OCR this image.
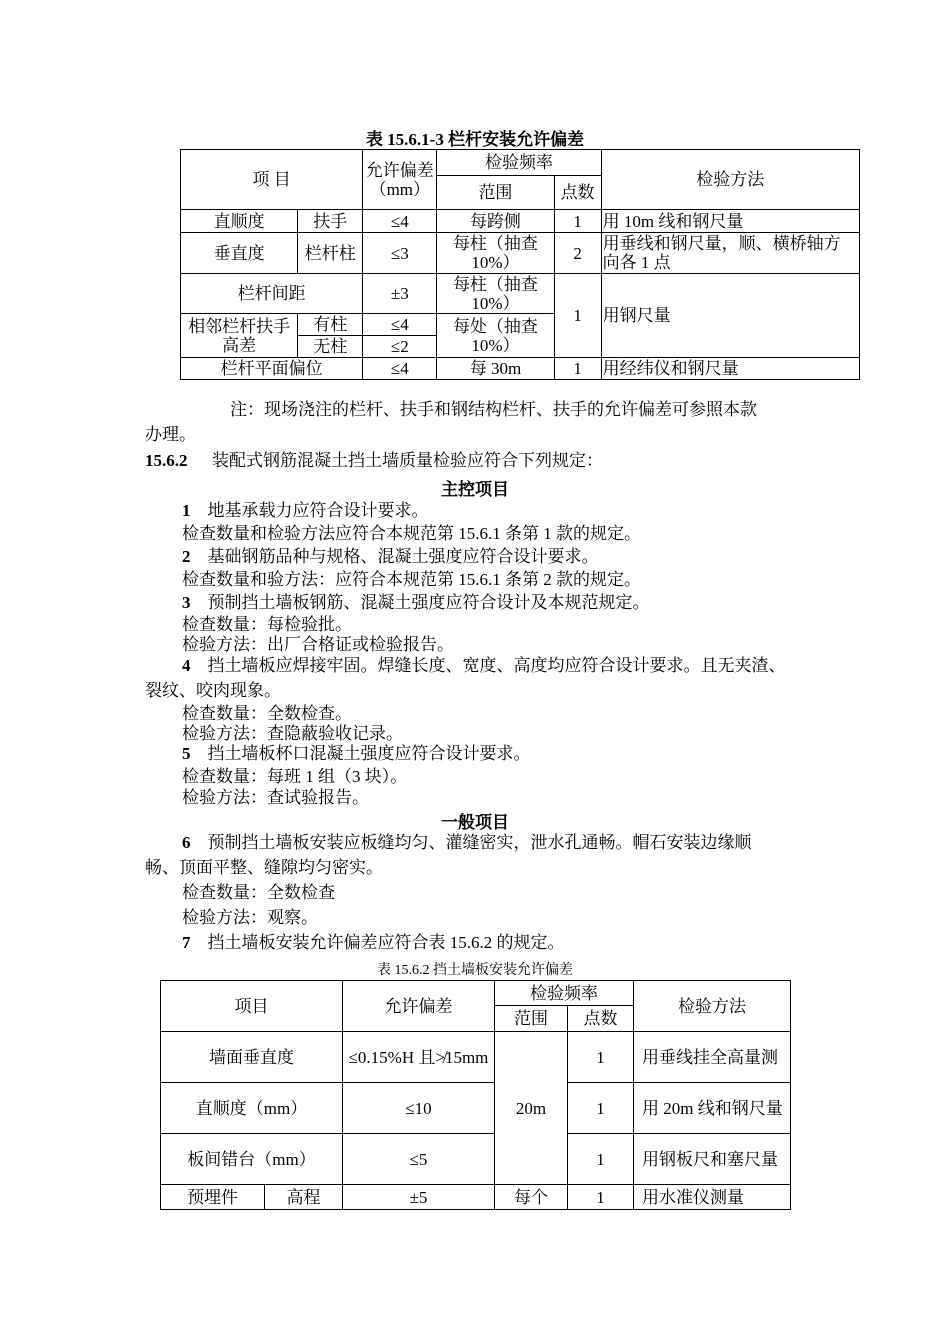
表 15.6.1-3 栏杆安装允许偏差
项 目		允许偏差（mm）	检验频率		检验方法
			范围	点数	
直顺度	扶手	≤4	每跨侧	1	用 10m 线和钢尺量
垂直度	栏杆柱	≤3	每柱（抽查10%）	2	用垂线和钢尺量，顺、横桥轴方向各 1 点
栏杆间距		±3	每柱（抽查10%）	1	用钢尺量
相邻栏杆扶手高差	有柱	≤4	每处（抽查10%）		
	无柱	≤2			
栏杆平面偏位		≤4	每 30m	1	用经纬仪和钢尺量
注：现场浇注的栏杆、扶手和钢结构栏杆、扶手的允许偏差可参照本款
办理。
15.6.2 装配式钢筋混凝土挡土墙质量检验应符合下列规定：
主控项目
1 地基承载力应符合设计要求。
检查数量和检验方法应符合本规范第 15.6.1 条第 1 款的规定。
2 基础钢筋品种与规格、混凝土强度应符合设计要求。
检查数量和验方法：应符合本规范第 15.6.1 条第 2 款的规定。
3 预制挡土墙板钢筋、混凝土强度应符合设计及本规范规定。
检查数量：每检验批。
检验方法：出厂合格证或检验报告。
4 挡土墙板应焊接牢固。焊缝长度、宽度、高度均应符合设计要求。且无夹渣、
裂纹、咬肉现象。
检查数量：全数检查。
检验方法：查隐蔽验收记录。
5 挡土墙板杯口混凝土强度应符合设计要求。
检查数量：每班 1 组（3 块）。
检验方法：查试验报告。
一般项目
6 预制挡土墙板安装应板缝均匀、灌缝密实，泄水孔通畅。帽石安装边缘顺
畅、顶面平整、缝隙均匀密实。
检查数量：全数检查
检验方法：观察。
7 挡土墙板安装允许偏差应符合表 15.6.2 的规定。
表 15.6.2 挡土墙板安装允许偏差
项目		允许偏差	检验频率		检验方法
			范围	点数	
墙面垂直度		≤0.15%H 且≯15mm	20m	1	用垂线挂全高量测
直顺度（mm）		≤10		1	用 20m 线和钢尺量
板间错台（mm）		≤5		1	用钢板尺和塞尺量
预埋件	高程	±5	每个	1	用水准仪测量
